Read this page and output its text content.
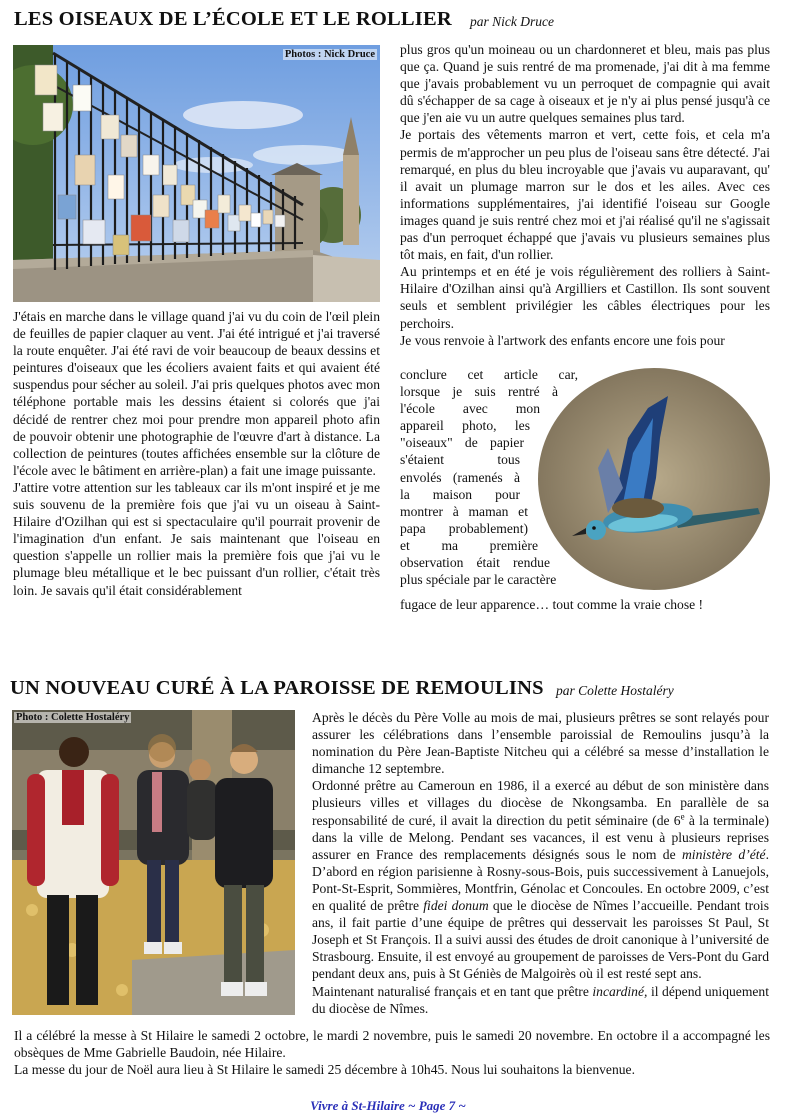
LES OISEAUX DE L’ÉCOLE ET LE ROLLIER par Nick Druce
Photos : Nick Druce

J'étais en marche dans le village quand j'ai vu du coin de l'œil plein de feuilles de papier claquer au vent. J'ai été intrigué et j'ai traversé la route enquêter. J'ai été ravi de voir beaucoup de beaux dessins et peintures d'oiseaux que les écoliers avaient faits et qui avaient été suspendus pour sécher au soleil. J'ai pris quelques photos avec mon téléphone portable mais les dessins étaient si colorés que j'ai décidé de rentrer chez moi pour prendre mon appareil photo afin de pouvoir obtenir une photographie de l'œuvre d'art à distance. La collection de peintures (toutes affichées ensemble sur la clôture de l'école avec le bâtiment en arrière-plan) a fait une image puissante.

J'attire votre attention sur les tableaux car ils m'ont inspiré et je me suis souvenu de la première fois que j'ai vu un oiseau à Saint-Hilaire d'Ozilhan qui est si spectaculaire qu'il pourrait provenir de l'imagination d'un enfant. Je sais maintenant que l'oiseau en question s'appelle un rollier mais la première fois que j'ai vu le plumage bleu métallique et le bec puissant d'un rollier, c'était très loin. Je savais qu'il était considérablement

plus gros qu'un moineau ou un chardonneret et bleu, mais pas plus que ça. Quand je suis rentré de ma promenade, j'ai dit à ma femme que j'avais probablement vu un perroquet de compagnie qui avait dû s'échapper de sa cage à oiseaux et je n'y ai plus pensé jusqu'à ce que j'en aie vu un autre quelques semaines plus tard.

Je portais des vêtements marron et vert, cette fois, et cela m'a permis de m'approcher un peu plus de l'oiseau sans être détecté. J'ai remarqué, en plus du bleu incroyable que j'avais vu auparavant, qu' il avait un plumage marron sur le dos et les ailes. Avec ces informations supplémentaires, j'ai identifié l'oiseau sur Google images quand je suis rentré chez moi et j'ai réalisé qu'il ne s'agissait pas d'un perroquet échappé que j'avais vu plusieurs semaines plus tôt mais, en fait, d'un rollier.

Au printemps et en été je vois régulièrement des rolliers à Saint-Hilaire d'Ozilhan ainsi qu'à Argilliers et Castillon. Ils sont souvent seuls et semblent privilégier les câbles électriques pour les perchoirs.

Je vous renvoie à l'artwork des enfants encore une fois pour

conclure cet article car,
lorsque je suis rentré à
l'école avec mon
appareil photo, les
"oiseaux" de papier
s'étaient tous
envolés (ramenés à
la maison pour
montrer à maman et
papa probablement)
et ma première
observation était rendue
plus spéciale par le caractère
fugace de leur apparence… tout comme la vraie chose !
UN NOUVEAU CURÉ À LA PAROISSE DE REMOULINS par Colette Hostaléry
Photo : Colette Hostaléry	Après le décès du Père Volle au mois de mai, plusieurs prêtres se sont relayés pour assurer les célébrations dans l’ensemble paroissial de Remoulins jusqu’à la nomination du Père Jean-Baptiste Nitcheu qui a célébré sa messe d’installation le dimanche 12 septembre.

Ordonné prêtre au Cameroun en 1986, il a exercé au début de son ministère dans plusieurs villes et villages du diocèse de Nkongsamba. En parallèle de sa responsabilité de curé, il avait la direction du petit séminaire (de 6e à la terminale) dans la ville de Melong. Pendant ses vacances, il est venu à plusieurs reprises assurer en France des remplacements désignés sous le nom de ministère d’été. D’abord en région parisienne à Rosny-sous-Bois, puis successivement à Lanuejols, Pont-St-Esprit, Sommières, Montfrin, Génolac et Concoules. En octobre 2009, c’est en qualité de prêtre fidei donum que le diocèse de Nîmes l’accueille. Pendant trois ans, il fait partie d’une équipe de prêtres qui desservait les paroisses St Paul, St Joseph et St François. Il a suivi aussi des études de droit canonique à l’université de Strasbourg. Ensuite, il est envoyé au groupement de paroisses de Vers-Pont du Gard pendant deux ans, puis à St Géniès de Malgoirès où il est resté sept ans.

Maintenant naturalisé français et en tant que prêtre incardiné, il dépend uniquement du diocèse de Nîmes.

Il a célébré la messe à St Hilaire le samedi 2 octobre, le mardi 2 novembre, puis le samedi 20 novembre. En octobre il a accompagné les obsèques de Mme Gabrielle Baudoin, née Hilaire.

La messe du jour de Noël aura lieu à St Hilaire le samedi 25 décembre à 10h45. Nous lui souhaitons la bienvenue.

Vivre à St-Hilaire ~ Page 7 ~
